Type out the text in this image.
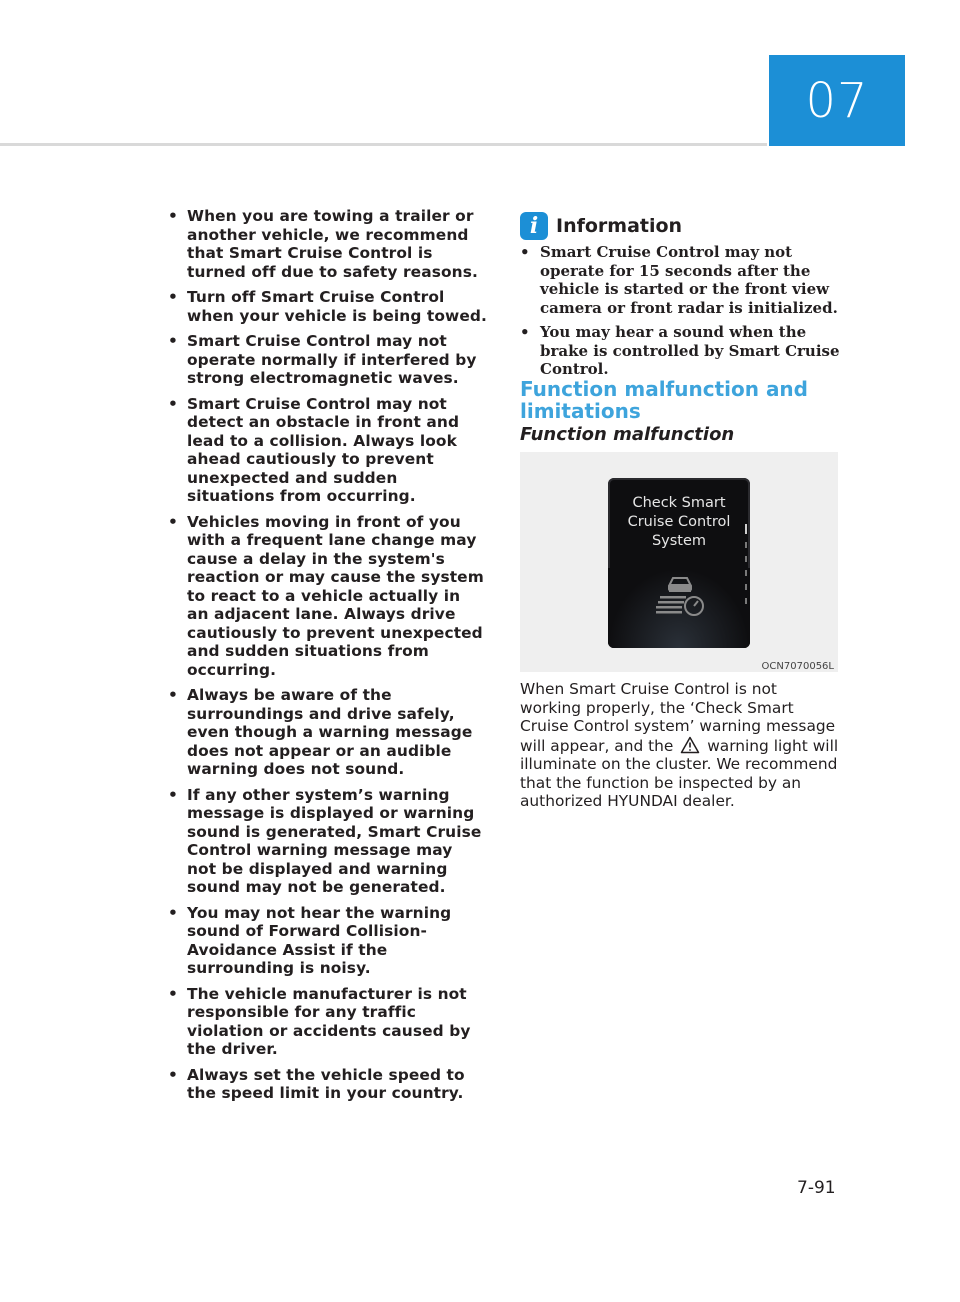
07
• When you are towing a trailer or another vehicle, we recommend that Smart Cruise Control is turned off due to safety reasons.
• Turn off Smart Cruise Control when your vehicle is being towed.
• Smart Cruise Control may not operate normally if interfered by strong electromagnetic waves.
• Smart Cruise Control may not detect an obstacle in front and lead to a collision. Always look ahead cautiously to prevent unexpected and sudden situations from occurring.
• Vehicles moving in front of you with a frequent lane change may cause a delay in the system's reaction or may cause the system to react to a vehicle actually in an adjacent lane. Always drive cautiously to prevent unexpected and sudden situations from occurring.
• Always be aware of the surroundings and drive safely, even though a warning message does not appear or an audible warning does not sound.
• If any other system’s warning message is displayed or warning sound is generated, Smart Cruise Control warning message may not be displayed and warning sound may not be generated.
• You may not hear the warning sound of Forward Collision-Avoidance Assist if the surrounding is noisy.
• The vehicle manufacturer is not responsible for any traffic violation or accidents caused by the driver.
• Always set the vehicle speed to the speed limit in your country.
i Information
• Smart Cruise Control may not operate for 15 seconds after the vehicle is started or the front view camera or front radar is initialized.
• You may hear a sound when the brake is controlled by Smart Cruise Control.
Function malfunction and limitations
Function malfunction
Check Smart
Cruise Control
System
OCN7070056L
When Smart Cruise Control is not working properly, the ‘Check Smart Cruise Control system’ warning message will appear, and the  warning light will illuminate on the cluster. We recommend that the function be inspected by an authorized HYUNDAI dealer.
7-91
